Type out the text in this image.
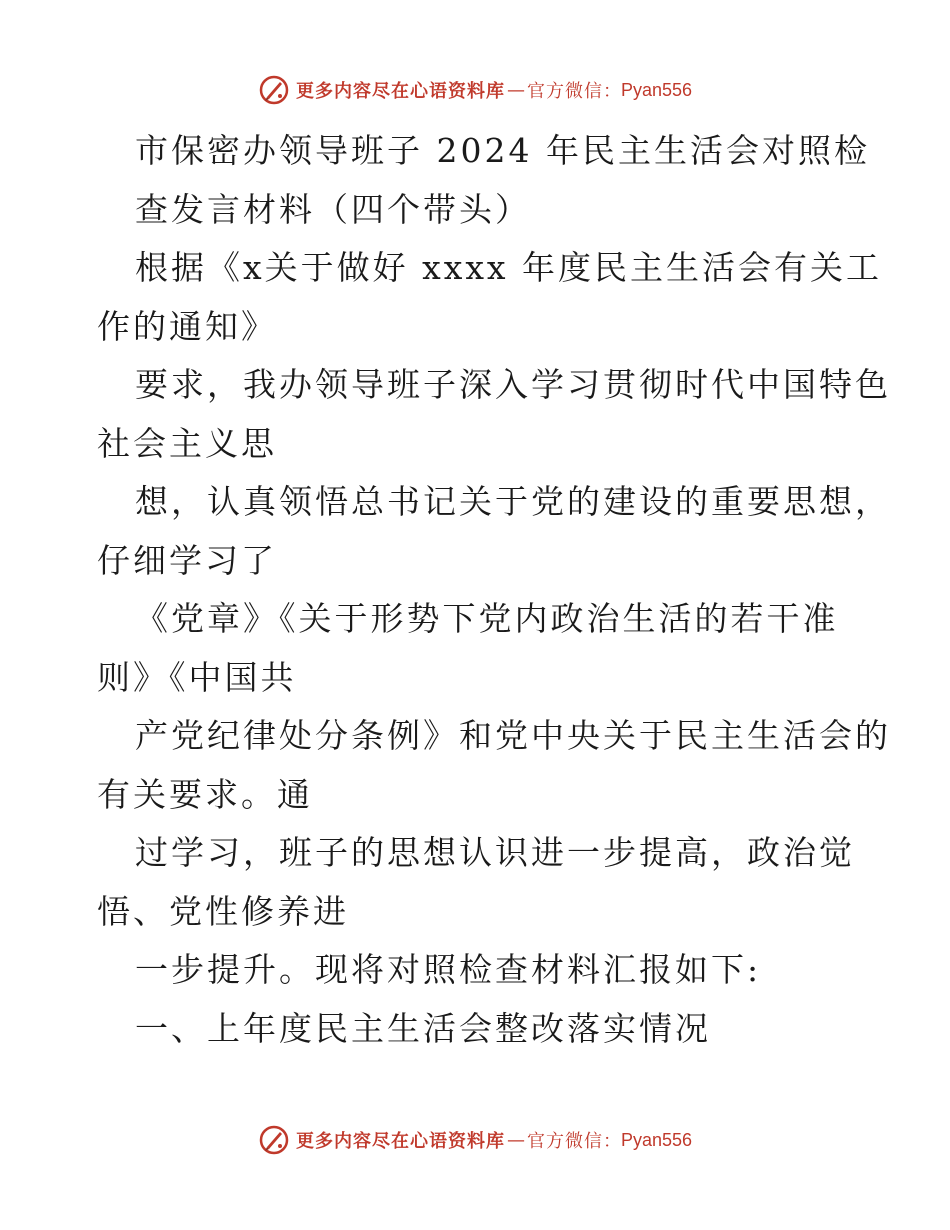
更多内容尽在心语资料库 — 官方微信 ： Pyan556
市保密办领导班子 2024 年民主生活会对照检
查发言材料（四个带头）
根据《x关于做好 xxxx 年度民主生活会有关工
作的通知》
要求，我办领导班子深入学习贯彻时代中国特色
社会主义思
想，认真领悟总书记关于党的建设的重要思想，
仔细学习了
《党章》《关于形势下党内政治生活的若干准
则》《中国共
产党纪律处分条例》和党中央关于民主生活会的
有关要求。通
过学习，班子的思想认识进一步提高，政治觉
悟、党性修养进
一步提升。现将对照检查材料汇报如下:
一、上年度民主生活会整改落实情况
更多内容尽在心语资料库 — 官方微信 ： Pyan556
